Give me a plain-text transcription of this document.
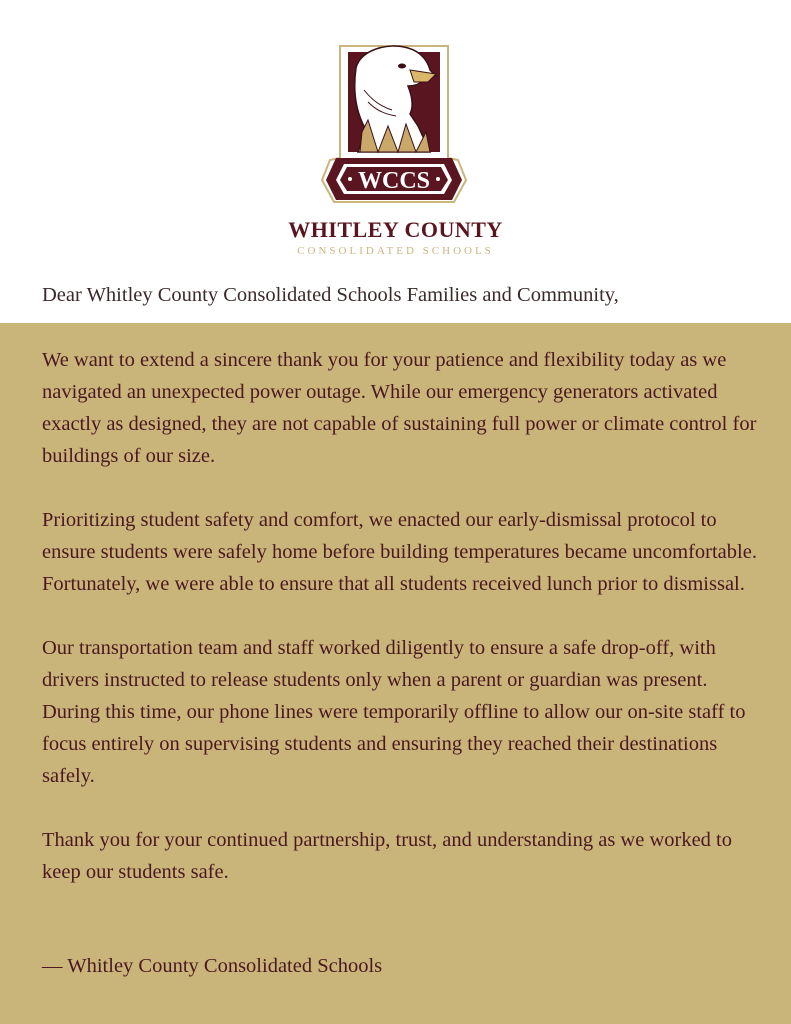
WCCS
WHITLEY COUNTY
CONSOLIDATED SCHOOLS
Dear Whitley County Consolidated Schools Families and Community,

We want to extend a sincere thank you for your patience and flexibility today as we navigated an unexpected power outage. While our emergency generators activated exactly as designed, they are not capable of sustaining full power or climate control for buildings of our size.

Prioritizing student safety and comfort, we enacted our early-dismissal protocol to ensure students were safely home before building temperatures became uncomfortable. Fortunately, we were able to ensure that all students received lunch prior to dismissal.

Our transportation team and staff worked diligently to ensure a safe drop-off, with drivers instructed to release students only when a parent or guardian was present. During this time, our phone lines were temporarily offline to allow our on-site staff to focus entirely on supervising students and ensuring they reached their destinations safely.

Thank you for your continued partnership, trust, and understanding as we worked to keep our students safe.

— Whitley County Consolidated Schools
